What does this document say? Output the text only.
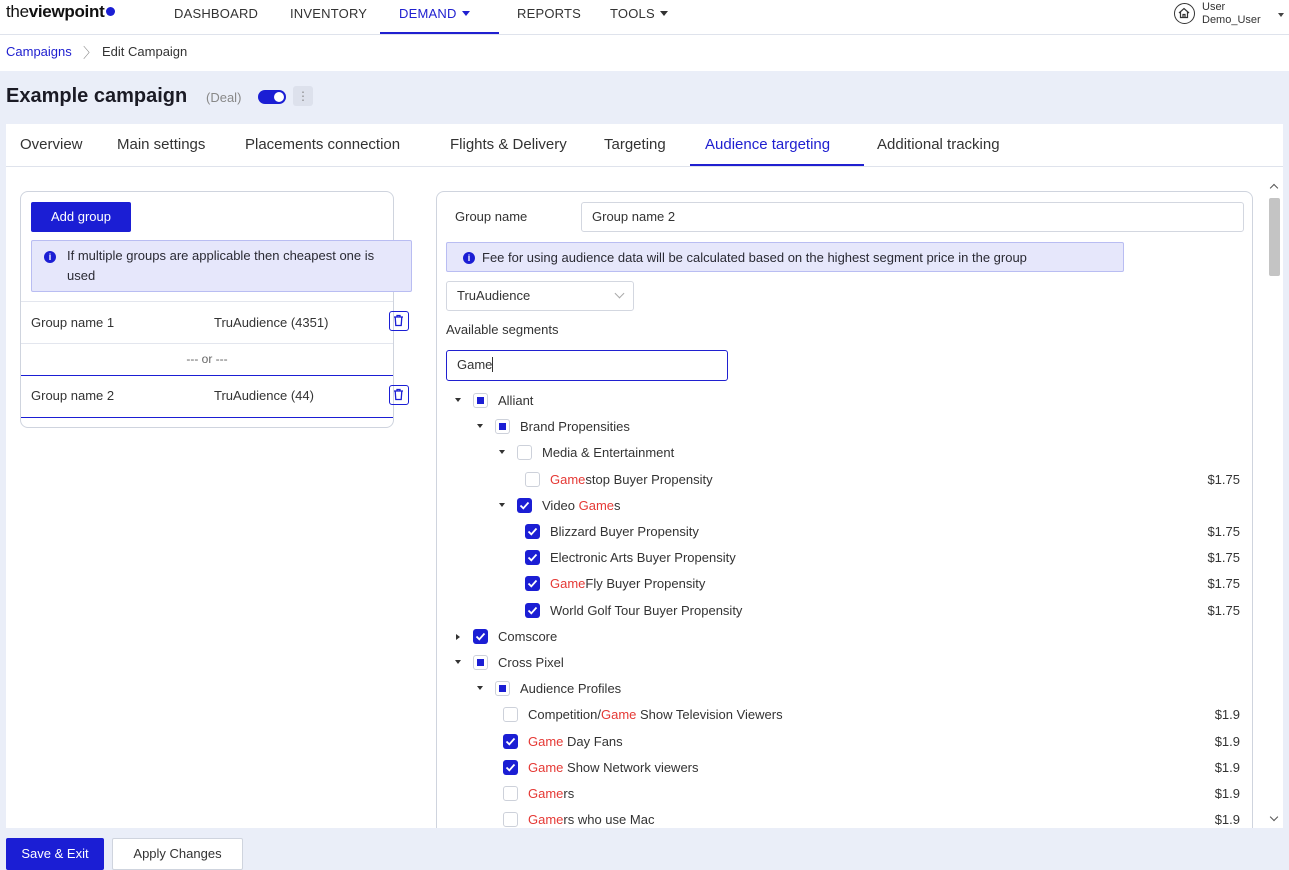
theviewpoint	DASHBOARD INVENTORY DEMAND	REPORTS TOOLS	User
Demo_User
Campaigns 〉 Edit Campaign
Example campaign (Deal)	⋮
Overview Main settings	Placements connection	Flights & Delivery Targeting	Audience targeting	Additional tracking
Add group
i	If multiple groups are applicable then cheapest one is used
Group name 1	TruAudience (4351)
--- or ---
Group name 2	TruAudience (44)
Group name	Group name 2
i Fee for using audience data will be calculated based on the highest segment price in the group
TruAudience
Available segments
Game
Alliant
Brand Propensities
Media & Entertainment
Gamestop Buyer Propensity	$1.75
Video Games
Blizzard Buyer Propensity	$1.75
Electronic Arts Buyer Propensity	$1.75
GameFly Buyer Propensity	$1.75
World Golf Tour Buyer Propensity	$1.75
Comscore
Cross Pixel
Audience Profiles
Competition/Game Show Television Viewers	$1.9
Game Day Fans	$1.9
Game Show Network viewers	$1.9
Gamers	$1.9
Gamers who use Mac	$1.9
Save & Exit	Apply Changes
